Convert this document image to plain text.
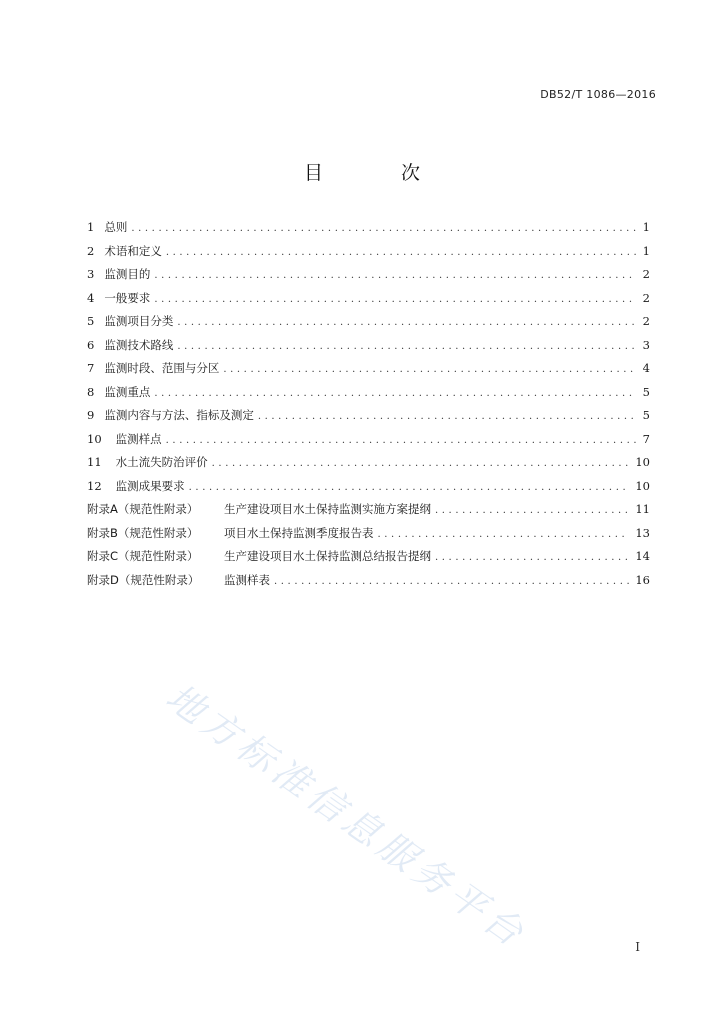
DB52/T 1086—2016
目 次
1 总则 .....	1
2 术语和定义 .....	1
3 监测目的 .....	2
4 一般要求 .....	2
5 监测项目分类 .....	2
6 监测技术路线 .....	3
7 监测时段、范围与分区 .....	4
8 监测重点 .....	5
9 监测内容与方法、指标及测定 .....	5
10 监测样点 .....	7
11 水土流失防治评价 .....	10
12 监测成果要求 .....	10
附录A（规范性附录）	生产建设项目水土保持监测实施方案提纲 .....	11
附录B（规范性附录）	项目水土保持监测季度报告表 .....	13
附录C（规范性附录）	生产建设项目水土保持监测总结报告提纲 .....	14
附录D（规范性附录）	监测样表 .....	16
地方标准信息服务平台	I
